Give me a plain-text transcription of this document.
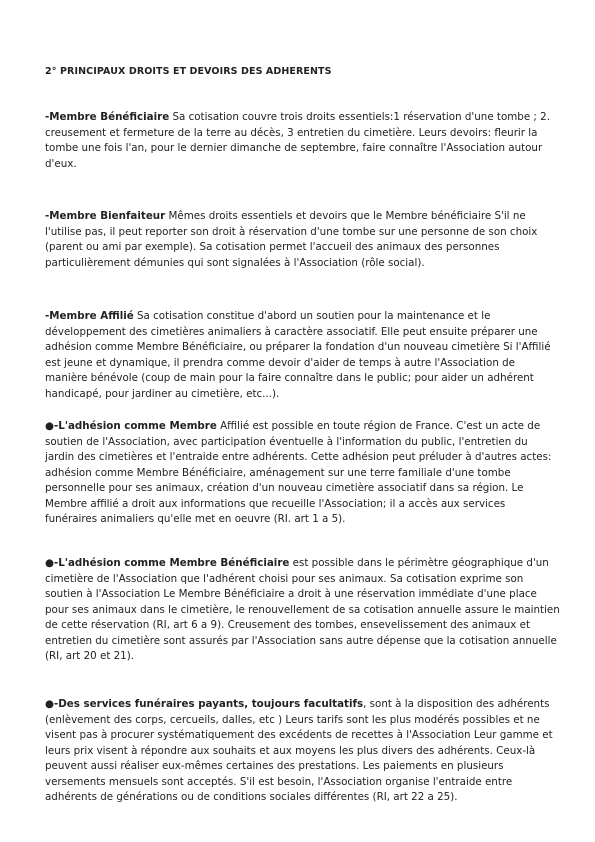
2° PRINCIPAUX DROITS ET DEVOIRS DES ADHERENTS
-Membre Bénéficiaire Sa cotisation couvre trois droits essentiels:1 réservation d'une tombe ; 2. creusement et fermeture de la terre au décès, 3 entretien du cimetière. Leurs devoirs: fleurir la tombe une fois l'an, pour le dernier dimanche de septembre, faire connaître l'Association autour d'eux.
-Membre Bienfaiteur Mêmes droits essentiels et devoirs que le Membre bénéficiaire S'il ne l'utilise pas, il peut reporter son droit à réservation d'une tombe sur une personne de son choix (parent ou ami par exemple). Sa cotisation permet l'accueil des animaux des personnes particulièrement démunies qui sont signalées à l'Association (rôle social).
-Membre Affilié Sa cotisation constitue d'abord un soutien pour la maintenance et le développement des cimetières animaliers à caractère associatif. Elle peut ensuite préparer une adhésion comme Membre Bénéficiaire, ou préparer la fondation d'un nouveau cimetière Si l'Affilié est jeune et dynamique, il prendra comme devoir d'aider de temps à autre l'Association de manière bénévole (coup de main pour la faire connaître dans le public; pour aider un adhérent handicapé, pour jardiner au cimetière, etc...).
●-L'adhésion comme Membre Affilié est possible en toute région de France. C'est un acte de soutien de l'Association, avec participation éventuelle à l'information du public, l'entretien du jardin des cimetières et l'entraide entre adhérents. Cette adhésion peut préluder à d'autres actes: adhésion comme Membre Bénéficiaire, aménagement sur une terre familiale d'une tombe personnelle pour ses animaux, création d'un nouveau cimetière associatif dans sa région. Le Membre affilié a droit aux informations que recueille l'Association; il a accès aux services funéraires animaliers qu'elle met en oeuvre (RI. art 1 a 5).
●-L'adhésion comme Membre Bénéficiaire est possible dans le périmètre géographique d'un cimetière de l'Association que l'adhérent choisi pour ses animaux. Sa cotisation exprime son soutien à l'Association Le Membre Bénéficiaire a droit à une réservation immédiate d'une place pour ses animaux dans le cimetière, le renouvellement de sa cotisation annuelle assure le maintien de cette réservation (RI, art 6 a 9). Creusement des tombes, ensevelissement des animaux et entretien du cimetière sont assurés par l'Association sans autre dépense que la cotisation annuelle (RI, art 20 et 21).
●-Des services funéraires payants, toujours facultatifs, sont à la disposition des adhérents (enlèvement des corps, cercueils, dalles, etc ) Leurs tarifs sont les plus modérés possibles et ne visent pas à procurer systématiquement des excédents de recettes à l'Association Leur gamme et leurs prix visent à répondre aux souhaits et aux moyens les plus divers des adhérents. Ceux-là peuvent aussi réaliser eux-mêmes certaines des prestations. Les paiements en plusieurs versements mensuels sont acceptés. S'il est besoin, l'Association organise l'entraide entre adhérents de générations ou de conditions sociales différentes (RI, art 22 a 25).
